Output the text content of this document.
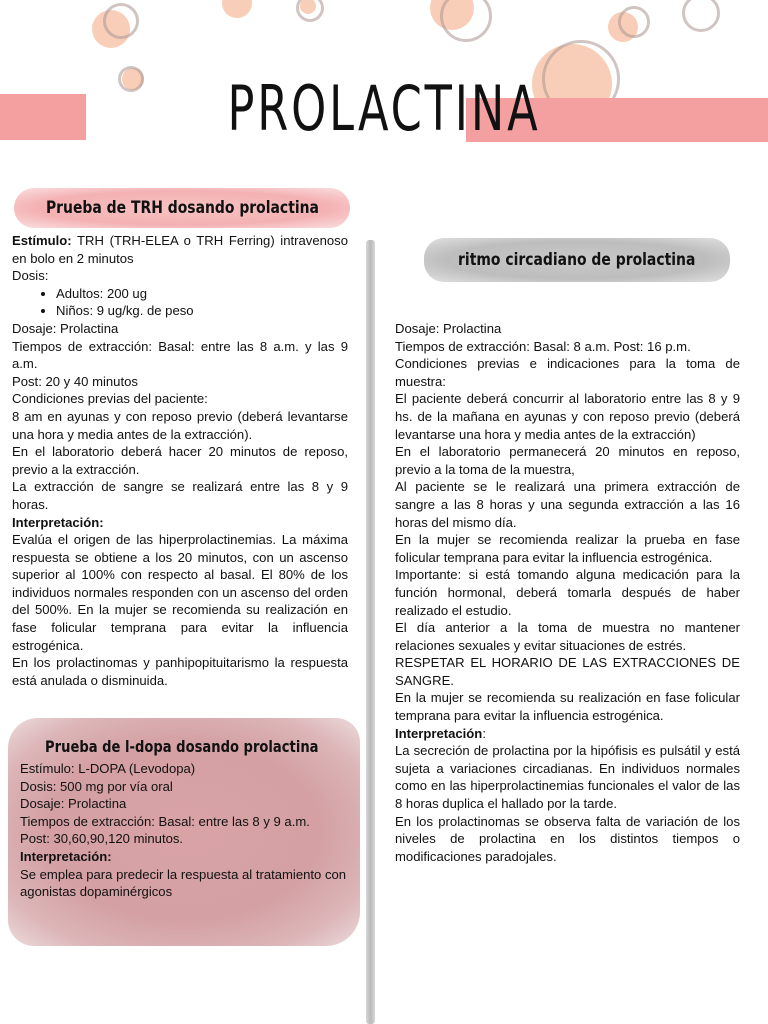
PROLACTINA
Prueba de TRH dosando prolactina

Estímulo: TRH (TRH-ELEA o TRH Ferring) intravenoso en bolo en 2 minutos

Dosis:

• Adultos: 200 ug
• Niños: 9 ug/kg. de peso

Dosaje: Prolactina

Tiempos de extracción: Basal: entre las 8 a.m. y las 9 a.m.

Post: 20 y 40 minutos

Condiciones previas del paciente:

8 am en ayunas y con reposo previo (deberá levantarse una hora y media antes de la extracción).

En el laboratorio deberá hacer 20 minutos de reposo, previo a la extracción.

La extracción de sangre se realizará entre las 8 y 9 horas.

Interpretación:

Evalúa el origen de las hiperprolactinemias. La máxima respuesta se obtiene a los 20 minutos, con un ascenso superior al 100% con respecto al basal. El 80% de los individuos normales responden con un ascenso del orden del 500%. En la mujer se recomienda su realización en fase folicular temprana para evitar la influencia estrogénica.

En los prolactinomas y panhipopituitarismo la respuesta está anulada o disminuida.

Prueba de l-dopa dosando prolactina

Estímulo: L-DOPA (Levodopa)

Dosis: 500 mg por vía oral

Dosaje: Prolactina

Tiempos de extracción: Basal: entre las 8 y 9 a.m.

Post: 30,60,90,120 minutos.

Interpretación:

Se emplea para predecir la respuesta al tratamiento con agonistas dopaminérgicos

ritmo circadiano de prolactina

Dosaje: Prolactina

Tiempos de extracción: Basal: 8 a.m. Post: 16 p.m.

Condiciones previas e indicaciones para la toma de muestra:

El paciente deberá concurrir al laboratorio entre las 8 y 9 hs. de la mañana en ayunas y con reposo previo (deberá levantarse una hora y media antes de la extracción)

En el laboratorio permanecerá 20 minutos en reposo, previo a la toma de la muestra,

Al paciente se le realizará una primera extracción de sangre a las 8 horas y una segunda extracción a las 16 horas del mismo día.

En la mujer se recomienda realizar la prueba en fase folicular temprana para evitar la influencia estrogénica.

Importante: si está tomando alguna medicación para la función hormonal, deberá tomarla después de haber realizado el estudio.

El día anterior a la toma de muestra no mantener relaciones sexuales y evitar situaciones de estrés.

RESPETAR EL HORARIO DE LAS EXTRACCIONES DE SANGRE.

En la mujer se recomienda su realización en fase folicular temprana para evitar la influencia estrogénica.

Interpretación:

La secreción de prolactina por la hipófisis es pulsátil y está sujeta a variaciones circadianas. En individuos normales como en las hiperprolactinemias funcionales el valor de las 8 horas duplica el hallado por la tarde.

En los prolactinomas se observa falta de variación de los niveles de prolactina en los distintos tiempos o modificaciones paradojales.
